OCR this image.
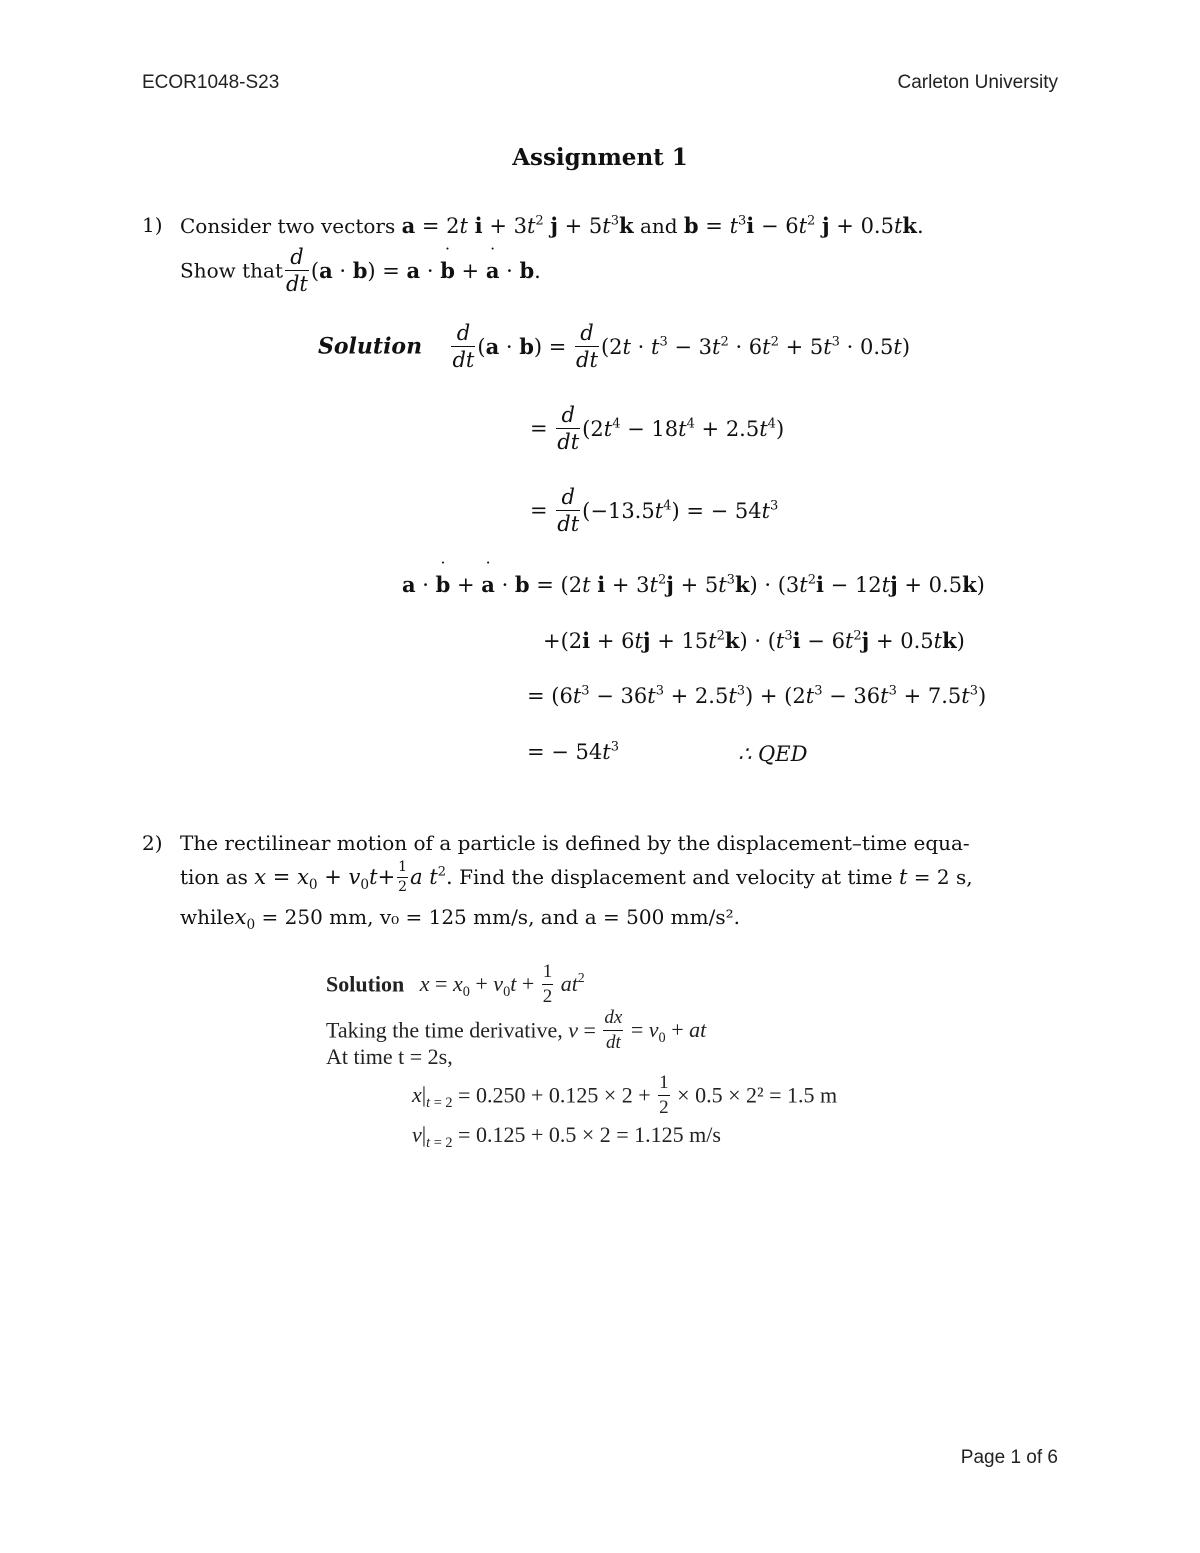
ECOR1048-S23	Carleton University
Assignment 1
1) Consider two vectors a = 2t $i + 3t^2$ $j + 5t^3k$ and $b = t^3i - 6t^2$ j + 0.5tk.
Show that $\frac{d}{dt} (a \cdot b) = a \cdot b$ ˙ + a ˙ · b.
Solution $\frac{d}{dt} (a \cdot b) = \frac{d}{dt} (2t \cdot t^3 - 3t^2 \cdot 6t^2 + 5t^3 \cdot 0.5t)$
= $\frac{d}{dt} (2t^4 - 18t^4 + 2.5t^4)$
= $\frac{d}{dt} (-13.5t^4)$ = − $54t^3$
a · b ˙ + a ˙ · b = (2t $i + 3t^2j + 5t^3k) \cdot (3t^2i - 12tj + 0.5k)$
$+(2i + 6tj + 15t^2k) \cdot (t^3i - 6t^2j + 0.5tk)$
= $(6t^3 - 36t^3 + 2.5t^3) + (2t^3 - 36t^3 + 7.5t^3)$
= − $54t^3$	∴ QED
2) The rectilinear motion of a particle is defined by the displacement–time equa-
tion as $x = x_0 + v_0t+ \frac{1}{2}$ a $t^2$. Find the displacement and velocity at time t = 2 s,
whilex$_0$ = 250 mm, v₀ = 125 mm/s, and a = 500 mm/s².
Solution $x = x_0 + v_0t + \frac{1}{2} at^2$
Taking the time derivative, $v = \frac{dx}{dt} = v_0$ + at
At time t = 2s,
$x|_{t = 2} = 0.250 + 0.125 \times 2 + \frac{1}{2} \times 0.5 \times 2^2 = 1.5$ m
$v|_{t = 2} = 0.125 + 0.5 \times 2 = 1.125$ m/s
Page 1 of 6
